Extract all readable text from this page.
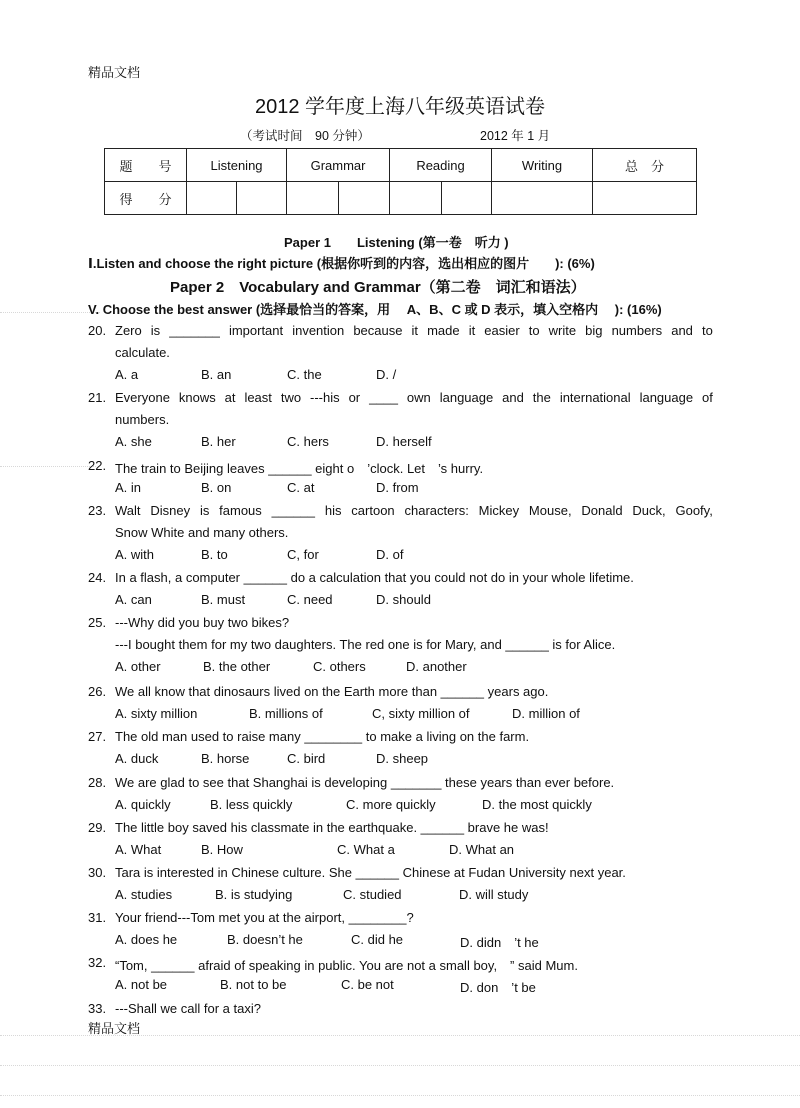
精品文档
2012 学年度上海八年级英语试卷
（考试时间　90 分钟）	2012 年 1 月
题　　号	Listening		Grammar		Reading		Writing	总　分
得　　分								
Paper 1　　Listening (第一卷　听力 )
Ⅰ.Listen and choose the right picture (根据你听到的内容，选出相应的图片　　): (6%)
Paper 2　Vocabulary and Grammar（第二卷　词汇和语法）
V. Choose the best answer (选择最恰当的答案，用　 A、B、C 或 D 表示，填入空格内　 ): (16%)
20. Zero is _______ important invention because it made it easier to write big numbers and to
calculate.
A. a	B. an	C. the	D. /
21. Everyone knows at least two ---his or ____ own language and the international language of
numbers.
A. she	B. her	C. hers	D. herself
22. The train to Beijing leaves ______ eight o　’clock. Let　’s hurry.
A. in	B. on	C. at	D. from
23. Walt Disney is famous ______ his cartoon characters: Mickey Mouse, Donald Duck, Goofy,
Snow White and many others.
A. with	B. to	C, for	D. of
24. In a flash, a computer ______ do a calculation that you could not do in your whole lifetime.
A. can	B. must	C. need	D. should
25. ---Why did you buy two bikes?
---I bought them for my two daughters. The red one is for Mary, and ______ is for Alice.
A. other	B. the other	C. others	D. another
26. We all know that dinosaurs lived on the Earth more than ______ years ago.
A. sixty million	B. millions of	C, sixty million of	D. million of
27. The old man used to raise many ________ to make a living on the farm.
A. duck	B. horse	C. bird	D. sheep
28. We are glad to see that Shanghai is developing _______ these years than ever before.
A. quickly	B. less quickly	C. more quickly	D. the most quickly
29. The little boy saved his classmate in the earthquake. ______ brave he was!
A. What	B. How	C. What a	D. What an
30. Tara is interested in Chinese culture. She ______ Chinese at Fudan University next year.
A. studies	B. is studying	C. studied	D. will study
31. Your friend---Tom met you at the airport, ________?
A. does he	B. doesn’t he	C. did he	D. didn　’t he
32. “Tom, ______ afraid of speaking in public. You are not a small boy,　” said Mum.
A. not be	B. not to be	C. be not	D. don　’t be
33. ---Shall we call for a taxi?
精品文档
